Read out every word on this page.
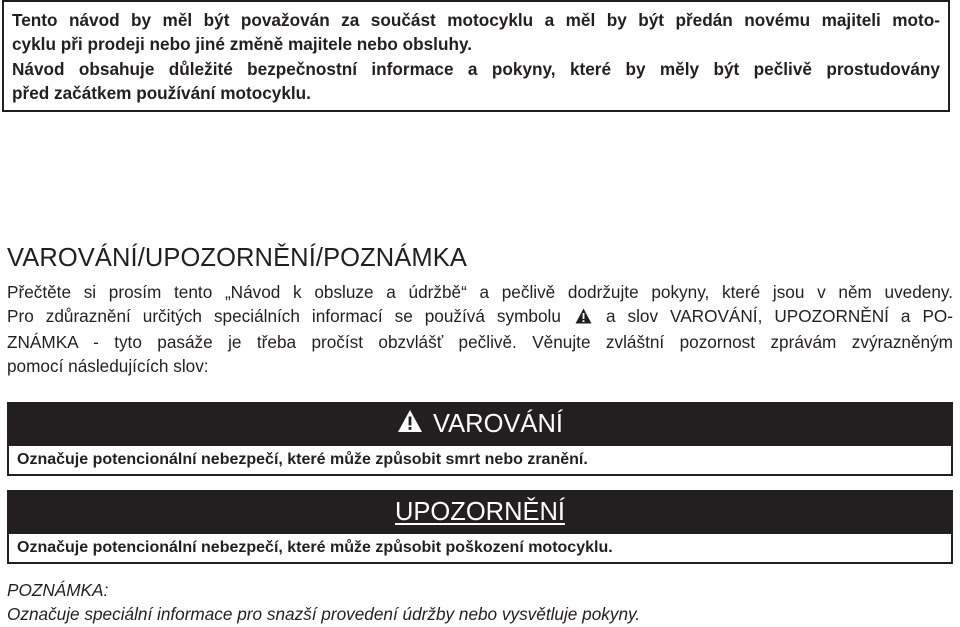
Tento návod by měl být považován za součást motocyklu a měl by být předán novému majiteli moto-

cyklu při prodeji nebo jiné změně majitele nebo obsluhy.

Návod obsahuje důležité bezpečnostní informace a pokyny, které by měly být pečlivě prostudovány

před začátkem používání motocyklu.

VAROVÁNÍ/UPOZORNĚNÍ/POZNÁMKA
Přečtěte si prosím tento „Návod k obsluze a údržbě“ a pečlivě dodržujte pokyny, které jsou v něm uvedeny.
Pro zdůraznění určitých speciálních informací se používá symbolu	a slov VAROVÁNÍ, UPOZORNĚNÍ a PO-
ZNÁMKA - tyto pasáže je třeba pročíst obzvlášť pečlivě. Věnujte zvláštní pozornost zprávám zvýrazněným
pomocí následujících slov:
VAROVÁNÍ
Označuje potencionální nebezpečí, které může způsobit smrt nebo zranění.
UPOZORNĚNÍ
Označuje potencionální nebezpečí, které může způsobit poškození motocyklu.
POZNÁMKA:
Označuje speciální informace pro snazší provedení údržby nebo vysvětluje pokyny.
